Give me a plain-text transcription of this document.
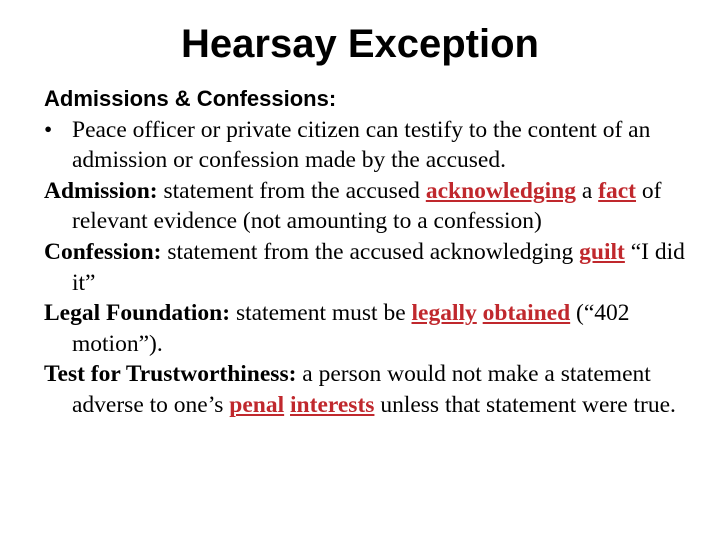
Hearsay Exception
Admissions & Confessions:
• Peace officer or private citizen can testify to the content of an admission or confession made by the accused.
Admission: statement from the accused acknowledging a fact of relevant evidence (not amounting to a confession)
Confession: statement from the accused acknowledging guilt “I did it”
Legal Foundation: statement must be legally obtained (“402 motion”).
Test for Trustworthiness: a person would not make a statement adverse to one’s penal interests unless that statement were true.
